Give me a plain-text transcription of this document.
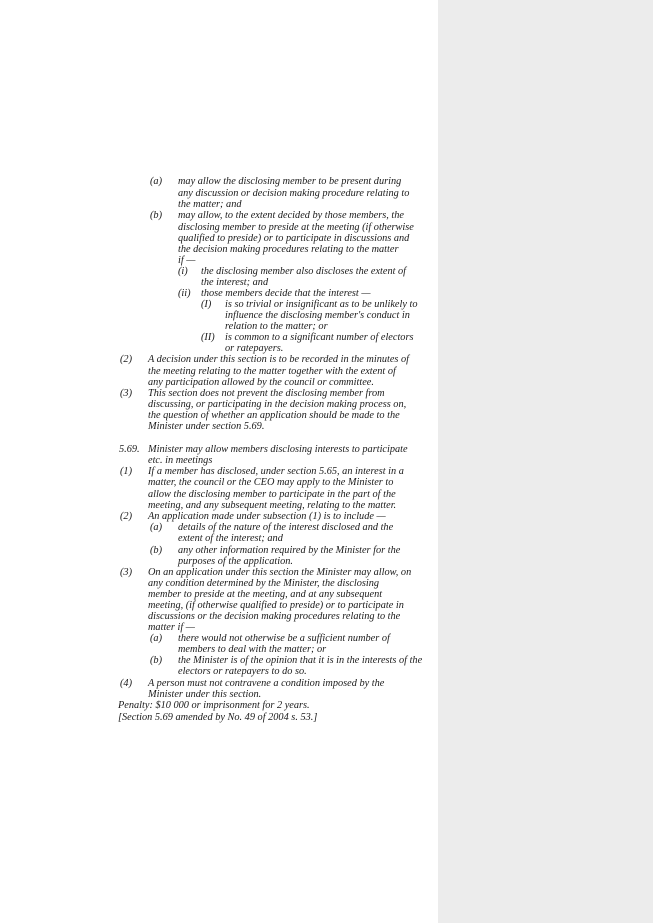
(a) may allow the disclosing member to be present during
any discussion or decision making procedure relating to
the matter; and
(b) may allow, to the extent decided by those members, the
disclosing member to preside at the meeting (if otherwise
qualified to preside) or to participate in discussions and
the decision making procedures relating to the matter
if —
(i) the disclosing member also discloses the extent of
the interest; and
(ii) those members decide that the interest —
(I) is so trivial or insignificant as to be unlikely to
influence the disclosing member's conduct in
relation to the matter; or
(II) is common to a significant number of electors
or ratepayers.
(2) A decision under this section is to be recorded in the minutes of
the meeting relating to the matter together with the extent of
any participation allowed by the council or committee.
(3) This section does not prevent the disclosing member from
discussing, or participating in the decision making process on,
the question of whether an application should be made to the
Minister under section 5.69.
5.69. Minister may allow members disclosing interests to participate
etc. in meetings
(1) If a member has disclosed, under section 5.65, an interest in a
matter, the council or the CEO may apply to the Minister to
allow the disclosing member to participate in the part of the
meeting, and any subsequent meeting, relating to the matter.
(2) An application made under subsection (1) is to include —
(a) details of the nature of the interest disclosed and the
extent of the interest; and
(b) any other information required by the Minister for the
purposes of the application.
(3) On an application under this section the Minister may allow, on
any condition determined by the Minister, the disclosing
member to preside at the meeting, and at any subsequent
meeting, (if otherwise qualified to preside) or to participate in
discussions or the decision making procedures relating to the
matter if —
(a) there would not otherwise be a sufficient number of
members to deal with the matter; or
(b) the Minister is of the opinion that it is in the interests of the
electors or ratepayers to do so.
(4) A person must not contravene a condition imposed by the
Minister under this section.
Penalty: $10 000 or imprisonment for 2 years.
[Section 5.69 amended by No. 49 of 2004 s. 53.]
